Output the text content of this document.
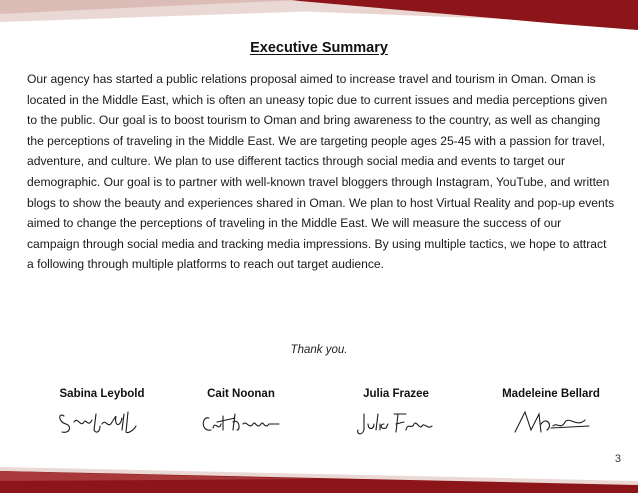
Executive Summary

Our agency has started a public relations proposal aimed to increase travel and tourism in Oman. Oman is located in the Middle East, which is often an uneasy topic due to current issues and media perceptions given to the public. Our goal is to boost tourism to Oman and bring awareness to the country, as well as changing the perceptions of traveling in the Middle East. We are targeting people ages 25-45 with a passion for travel, adventure, and culture. We plan to use different tactics through social media and events to target our demographic. Our goal is to partner with well-known travel bloggers through Instagram, YouTube, and written blogs to show the beauty and experiences shared in Oman. We plan to host Virtual Reality and pop-up events aimed to change the perceptions of traveling in the Middle East. We will measure the success of our campaign through social media and tracking media impressions. By using multiple tactics, we hope to attract a following through multiple platforms to reach out target audience.

Thank you.

Sabina Leybold	Cait Noonan	Julia Frazee	Madeleine Bellard
3
